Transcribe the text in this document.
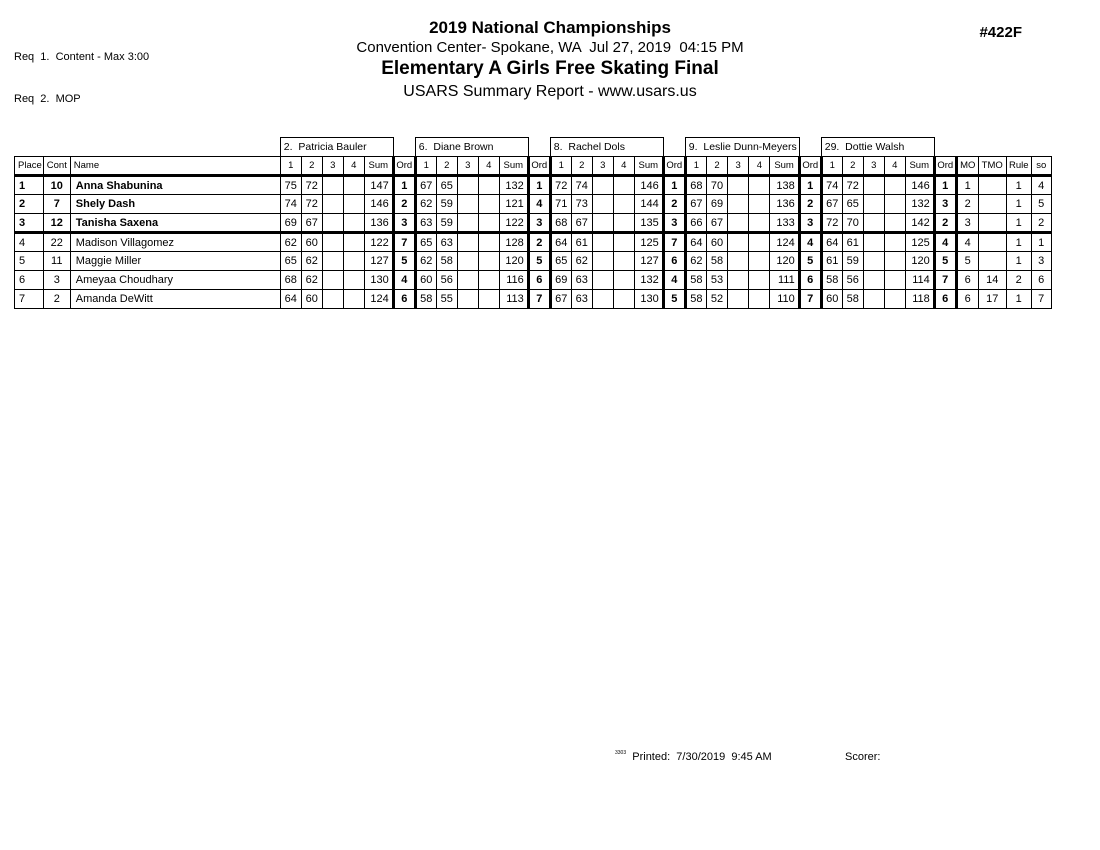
Req  1.  Content - Max 3:00

Req  2.  MOP

2019 National Championships
Convention Center- Spokane, WA  Jul 27, 2019  04:15 PM
Elementary A Girls Free Skating Final
USARS Summary Report - www.usars.us
#422F
			2.  Patricia Bauler						6.  Diane Brown						8.  Rachel Dols						9.  Leslie Dunn-Meyers						29.  Dottie Walsh									
Place	Cont	Name	1	2	3	4	Sum	Ord	1	2	3	4	Sum	Ord	1	2	3	4	Sum	Ord	1	2	3	4	Sum	Ord	1	2	3	4	Sum	Ord	MO	TMO	Rule	so
1	10	Anna Shabunina	75	72			147	1	67	65			132	1	72	74			146	1	68	70			138	1	74	72			146	1	1		1	4
2	7	Shely Dash	74	72			146	2	62	59			121	4	71	73			144	2	67	69			136	2	67	65			132	3	2		1	5
3	12	Tanisha Saxena	69	67			136	3	63	59			122	3	68	67			135	3	66	67			133	3	72	70			142	2	3		1	2
4	22	Madison Villagomez	62	60			122	7	65	63			128	2	64	61			125	7	64	60			124	4	64	61			125	4	4		1	1
5	11	Maggie Miller	65	62			127	5	62	58			120	5	65	62			127	6	62	58			120	5	61	59			120	5	5		1	3
6	3	Ameyaa Choudhary	68	62			130	4	60	56			116	6	69	63			132	4	58	53			111	6	58	56			114	7	6	14	2	6
7	2	Amanda DeWitt	64	60			124	6	58	55			113	7	67	63			130	5	58	52			110	7	60	58			118	6	6	17	1	7
$^{3303}$ Printed: 7/30/2019  9:45 AM	Scorer:
